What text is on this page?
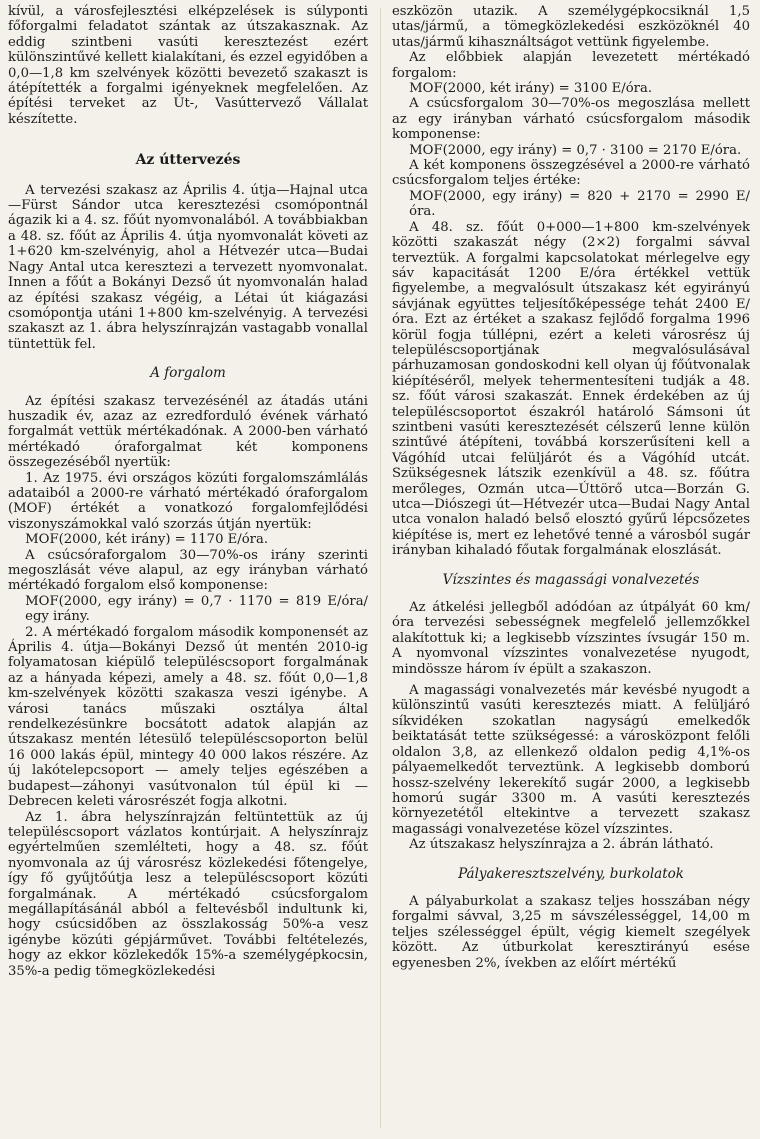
kívül, a városfejlesztési elképzelések is súlyponti főforgalmi feladatot szántak az útszakasznak. Az eddig szintbeni vasúti keresztezést ezért különszintűvé kellett kialakítani, és ezzel egyidőben a 0,0—1,8 km szelvények közötti bevezető szakaszt is átépítették a forgalmi igényeknek megfelelően. Az építési terveket az Út-, Vasúttervező Vállalat készítette.

Az úttervezés

A tervezési szakasz az Április 4. útja—Hajnal utca—Fürst Sándor utca keresztezési csomópontnál ágazik ki a 4. sz. főút nyomvonalából. A továbbiakban a 48. sz. főút az Április 4. útja nyomvonalát követi az 1+620 km-szelvényig, ahol a Hétvezér utca—Budai Nagy Antal utca keresztezi a tervezett nyomvonalat. Innen a főút a Bokányi Dezső út nyomvonalán halad az építési szakasz végéig, a Létai út kiágazási csomópontja utáni 1+800 km-szelvényig. A tervezési szakaszt az 1. ábra helyszínrajzán vastagabb vonallal tüntettük fel.

A forgalom

Az építési szakasz tervezésénél az átadás utáni huszadik év, azaz az ezredforduló évének várható forgalmát vettük mértékadónak. A 2000-ben várható mértékadó óraforgalmat két komponens összegezéséből nyertük:

1. Az 1975. évi országos közúti forgalomszámlálás adataiból a 2000-re várható mértékadó óraforgalom (MOF) értékét a vonatkozó forgalomfejlődési viszonyszámokkal való szorzás útján nyertük:

MOF(2000, két irány) = 1170 E/óra.

A csúcsóraforgalom 30—70%-os irány szerinti megoszlását véve alapul, az egy irányban várható mértékadó forgalom első komponense:

MOF(2000, egy irány) = 0,7 · 1170 = 819 E/óra/ egy irány.

2. A mértékadó forgalom második komponensét az Április 4. útja—Bokányi Dezső út mentén 2010-ig folyamatosan kiépülő településcsoport forgalmának az a hányada képezi, amely a 48. sz. főút 0,0—1,8 km-szelvények közötti szakasza veszi igénybe. A városi tanács műszaki osztálya által rendelkezésünkre bocsátott adatok alapján az útszakasz mentén létesülő településcsoporton belül 16 000 lakás épül, mintegy 40 000 lakos részére. Az új lakótelepcsoport — amely teljes egészében a budapest—záhonyi vasútvonalon túl épül ki — Debrecen keleti városrészét fogja alkotni.

Az 1. ábra helyszínrajzán feltüntettük az új településcsoport vázlatos kontúrjait. A helyszínrajz egyértelműen szemlélteti, hogy a 48. sz. főút nyomvonala az új városrész közlekedési főtengelye, így fő gyűjtőútja lesz a településcsoport közúti forgalmának. A mértékadó csúcsforgalom megállapításánál abból a feltevésből indultunk ki, hogy csúcsidőben az összlakosság 50%-a vesz igénybe közúti gépjárművet. További feltételezés, hogy az ekkor közlekedők 15%-a személygépkocsin, 35%-a pedig tömegközlekedési

eszközön utazik. A személygépkocsiknál 1,5 utas/jármű, a tömegközlekedési eszközöknél 40 utas/jármű kihasználtságot vettünk figyelembe.

Az előbbiek alapján levezetett mértékadó forgalom:

MOF(2000, két irány) = 3100 E/óra.

A csúcsforgalom 30—70%-os megoszlása mellett az egy irányban várható csúcsforgalom második komponense:

MOF(2000, egy irány) = 0,7 · 3100 = 2170 E/óra.

A két komponens összegzésével a 2000-re várható csúcsforgalom teljes értéke:

MOF(2000, egy irány) = 820 + 2170 = 2990 E/óra.

A 48. sz. főút 0+000—1+800 km-szelvények közötti szakaszát négy (2×2) forgalmi sávval terveztük. A forgalmi kapcsolatokat mérlegelve egy sáv kapacitását 1200 E/óra értékkel vettük figyelembe, a megvalósult útszakasz két egyirányú sávjának együttes teljesítőképessége tehát 2400 E/óra. Ezt az értéket a szakasz fejlődő forgalma 1996 körül fogja túllépni, ezért a keleti városrész új településcsoportjának megvalósulásával párhuzamosan gondoskodni kell olyan új főútvonalak kiépítéséről, melyek tehermentesíteni tudják a 48. sz. főút városi szakaszát. Ennek érdekében az új településcsoportot északról határoló Sámsoni út szintbeni vasúti keresztezését célszerű lenne külön szintűvé átépíteni, továbbá korszerűsíteni kell a Vágóhíd utcai felüljárót és a Vágóhíd utcát. Szükségesnek látszik ezenkívül a 48. sz. főútra merőleges, Ozmán utca—Úttörő utca—Borzán G. utca—Diószegi út—Hétvezér utca—Budai Nagy Antal utca vonalon haladó belső elosztó gyűrű lépcsőzetes kiépítése is, mert ez lehetővé tenné a városból sugár irányban kihaladó főutak forgalmának eloszlását.

Vízszintes és magassági vonalvezetés

Az átkelési jellegből adódóan az útpályát 60 km/óra tervezési sebességnek megfelelő jellemzőkkel alakítottuk ki; a legkisebb vízszintes ívsugár 150 m. A nyomvonal vízszintes vonalvezetése nyugodt, mindössze három ív épült a szakaszon.

A magassági vonalvezetés már kevésbé nyugodt a különszintű vasúti keresztezés miatt. A felüljáró síkvidéken szokatlan nagyságú emelkedők beiktatását tette szükségessé: a városközpont felőli oldalon 3,8, az ellenkező oldalon pedig 4,1%-os pályaemelkedőt terveztünk. A legkisebb domború hossz-szelvény lekerekítő sugár 2000, a legkisebb homorú sugár 3300 m. A vasúti keresztezés környezetétől eltekintve a tervezett szakasz magassági vonalvezetése közel vízszintes.

Az útszakasz helyszínrajza a 2. ábrán látható.

Pályakeresztszelvény, burkolatok

A pályaburkolat a szakasz teljes hosszában négy forgalmi sávval, 3,25 m sávszélességgel, 14,00 m teljes szélességgel épült, végig kiemelt szegélyek között. Az útburkolat keresztirányú esése egyenesben 2%, ívekben az előírt mértékű
